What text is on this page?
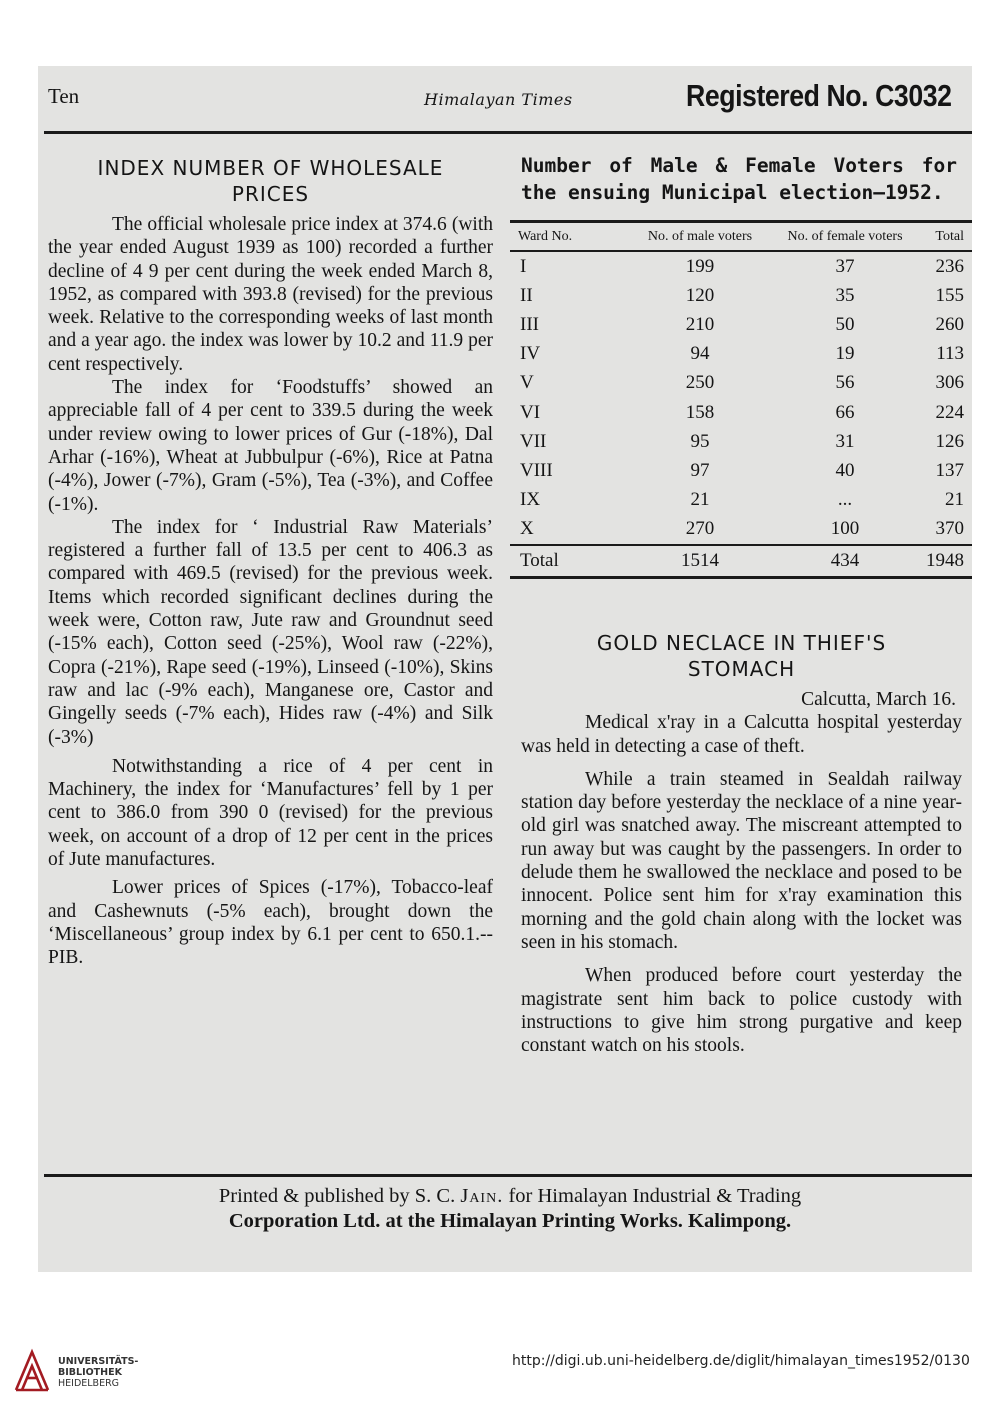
Ten	Himalayan Times	Registered No. C3032
INDEX NUMBER OF WHOLESALE
PRICES

The official wholesale price index at 374.6 (with the year ended August 1939 as 100) recorded a further decline of 4 9 per cent during the week ended March 8, 1952, as compared with 393.8 (revised) for the previous week. Relative to the corresponding weeks of last month and a year ago. the index was lower by 10.2 and 11.9 per cent respectively.

The index for ‘Foodstuffs’ showed an appreciable fall of 4 per cent to 339.5 during the week under review owing to lower prices of Gur (-18%), Dal Arhar (-16%), Wheat at Jubbulpur (-6%), Rice at Patna (-4%), Jower (-7%), Gram (-5%), Tea (-3%), and Coffee (-1%).

The index for ‘ Industrial Raw Materials’ registered a further fall of 13.5 per cent to 406.3 as compared with 469.5 (revised) for the previous week. Items which recorded significant declines during the week were, Cotton raw, Jute raw and Groundnut seed (-15% each), Cotton seed (-25%), Wool raw (-22%), Copra (-21%), Rape seed (-19%), Linseed (-10%), Skins raw and lac (-9% each), Manganese ore, Castor and Gingelly seeds (-7% each), Hides raw (-4%) and Silk (-3%)

Notwithstanding a rice of 4 per cent in Machinery, the index for ‘Manufactures’ fell by 1 per cent to 386.0 from 390 0 (revised) for the previous week, on account of a drop of 12 per cent in the prices of Jute manufactures.

Lower prices of Spices (-17%), Tobacco-leaf and Cashewnuts (-5% each), brought down the ‘Miscellaneous’ group index by 6.1 per cent to 650.1.--PIB.

Number of Male & Female Voters for
the ensuing Municipal election—1952.
Ward No.	No. of male voters	No. of female voters	Total
I	199	37	236
II	120	35	155
III	210	50	260
IV	94	19	113
V	250	56	306
VI	158	66	224
VII	95	31	126
VIII	97	40	137
IX	21	...	21
X	270	100	370
Total	1514	434	1948
GOLD NECLACE IN THIEF'S
STOMACH
Calcutta, March 16.

Medical x'ray in a Calcutta hospital yesterday was held in detecting a case of theft.

While a train steamed in Sealdah railway station day before yesterday the necklace of a nine year-old girl was snatched away. The miscreant attempted to run away but was caught by the passengers. In order to delude them he swallowed the necklace and posed to be innocent. Police sent him for x'ray examination this morning and the gold chain along with the locket was seen in his stomach.

When produced before court yesterday the magistrate sent him back to police custody with instructions to give him strong purgative and keep constant watch on his stools.

Printed & published by S. C. Jain. for Himalayan Industrial & Trading
Corporation Ltd. at the Himalayan Printing Works. Kalimpong.
UNIVERSITÄTS-
BIBLIOTHEK
HEIDELBERG
http://digi.ub.uni-heidelberg.de/diglit/himalayan_times1952/0130
